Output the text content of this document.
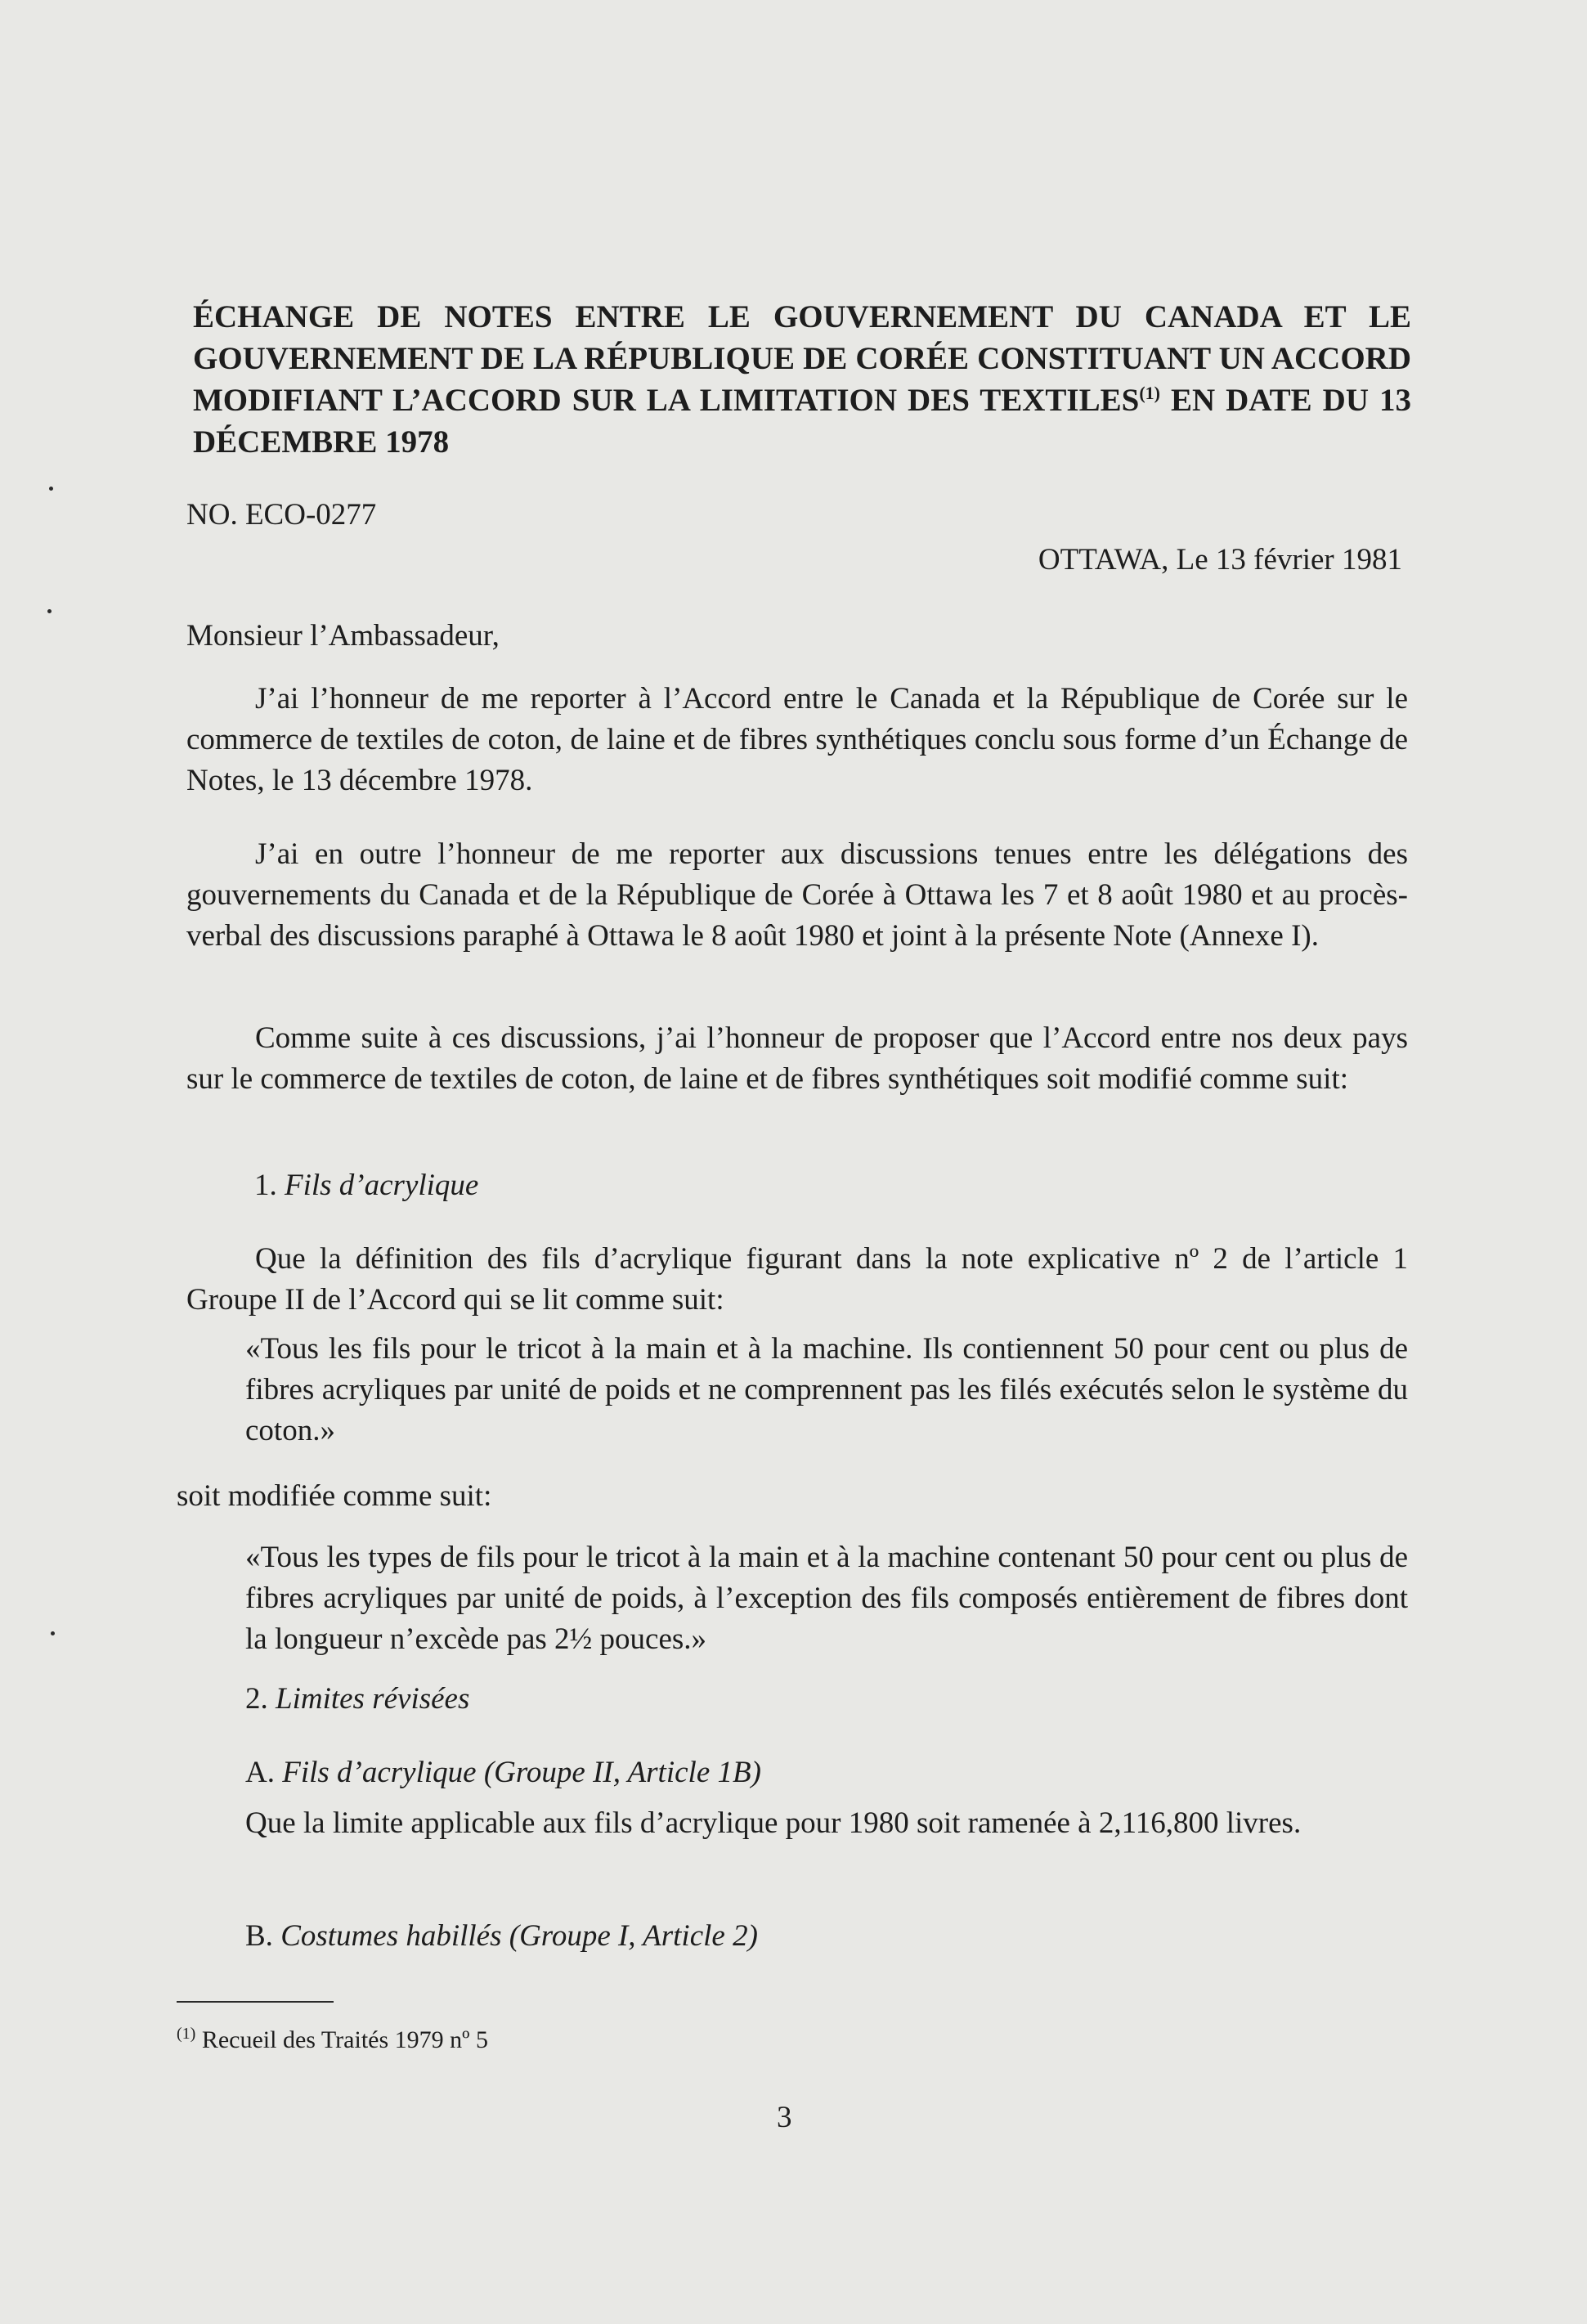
ÉCHANGE DE NOTES ENTRE LE GOUVERNEMENT DU CANADA ET LE GOUVERNEMENT DE LA RÉPUBLIQUE DE CORÉE CONSTITUANT UN ACCORD MODIFIANT L’ACCORD SUR LA LIMITATION DES TEXTILES$^{(1)}$ EN DATE DU 13 DÉCEMBRE 1978

NO. ECO-0277

OTTAWA, Le 13 février 1981

Monsieur l’Ambassadeur,

J’ai l’honneur de me reporter à l’Accord entre le Canada et la République de Corée sur le commerce de textiles de coton, de laine et de fibres synthétiques conclu sous forme d’un Échange de Notes, le 13 décembre 1978.

J’ai en outre l’honneur de me reporter aux discussions tenues entre les délégations des gouvernements du Canada et de la République de Corée à Ottawa les 7 et 8 août 1980 et au procès-verbal des discussions paraphé à Ottawa le 8 août 1980 et joint à la présente Note (Annexe I).

Comme suite à ces discussions, j’ai l’honneur de proposer que l’Accord entre nos deux pays sur le commerce de textiles de coton, de laine et de fibres synthétiques soit modifié comme suit:

1. Fils d’acrylique

Que la définition des fils d’acrylique figurant dans la note explicative nº 2 de l’article 1 Groupe II de l’Accord qui se lit comme suit:

«Tous les fils pour le tricot à la main et à la machine. Ils contiennent 50 pour cent ou plus de fibres acryliques par unité de poids et ne comprennent pas les filés exécutés selon le système du coton.»

soit modifiée comme suit:

«Tous les types de fils pour le tricot à la main et à la machine contenant 50 pour cent ou plus de fibres acryliques par unité de poids, à l’exception des fils composés entièrement de fibres dont la longueur n’excède pas 2½ pouces.»

2. Limites révisées

A. Fils d’acrylique (Groupe II, Article 1B)

Que la limite applicable aux fils d’acrylique pour 1980 soit ramenée à 2,116,800 livres.

B. Costumes habillés (Groupe I, Article 2)

$^{(1)}$ Recueil des Traités 1979 nº 5

3
